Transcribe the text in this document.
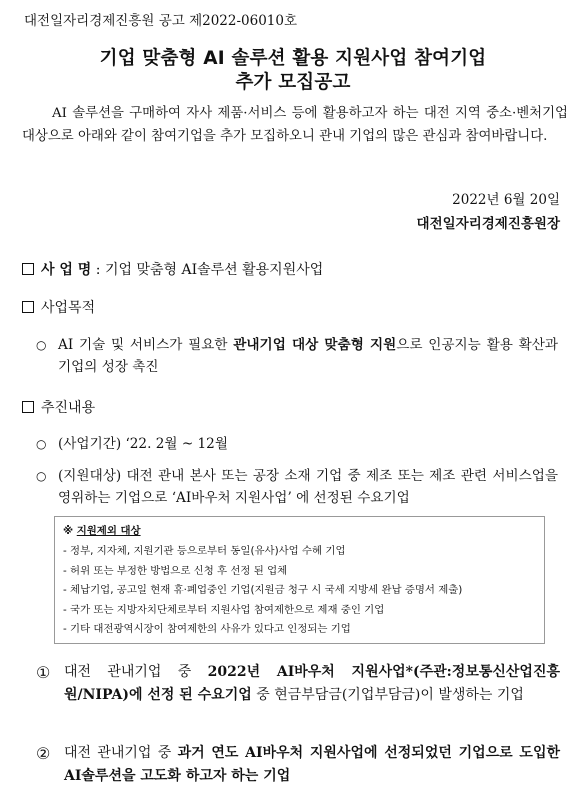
대전일자리경제진흥원 공고 제2022-06010호
기업 맞춤형 AI 솔루션 활용 지원사업 참여기업
추가 모집공고
AI 솔루션을 구매하여 자사 제품·서비스 등에 활용하고자 하는 대전 지역 중소·벤처기업 대상으로 아래와 같이 참여기업을 추가 모집하오니 관내 기업의 많은 관심과 참여바랍니다.
2022년 6월 20일
대전일자리경제진흥원장
사 업 명 : 기업 맞춤형 AI솔루션 활용지원사업
사업목적
○ AI 기술 및 서비스가 필요한 관내기업 대상 맞춤형 지원으로 인공지능 활용 확산과 기업의 성장 촉진
추진내용
○ (사업기간) ‘22. 2월 ~ 12월
○ (지원대상) 대전 관내 본사 또는 공장 소재 기업 중 제조 또는 제조 관련 서비스업을 영위하는 기업으로 ‘AI바우처 지원사업’ 에 선정된 수요기업
※ 지원제외 대상
- 정부, 지자체, 지원기관 등으로부터 동일(유사)사업 수혜 기업
- 허위 또는 부정한 방법으로 신청 후 선정 된 업체
- 체납기업, 공고일 현재 휴·폐업중인 기업(지원금 청구 시 국세 지방세 완납 증명서 제출)
- 국가 또는 지방자치단체로부터 지원사업 참여제한으로 제재 중인 기업
- 기타 대전광역시장이 참여제한의 사유가 있다고 인정되는 기업
① 대전 관내기업 중 2022년 AI바우처 지원사업*(주관:정보통신산업진흥원/NIPA)에 선정 된 수요기업 중 현금부담금(기업부담금)이 발생하는 기업
② 대전 관내기업 중 과거 연도 AI바우처 지원사업에 선정되었던 기업으로 도입한 AI솔루션을 고도화 하고자 하는 기업
